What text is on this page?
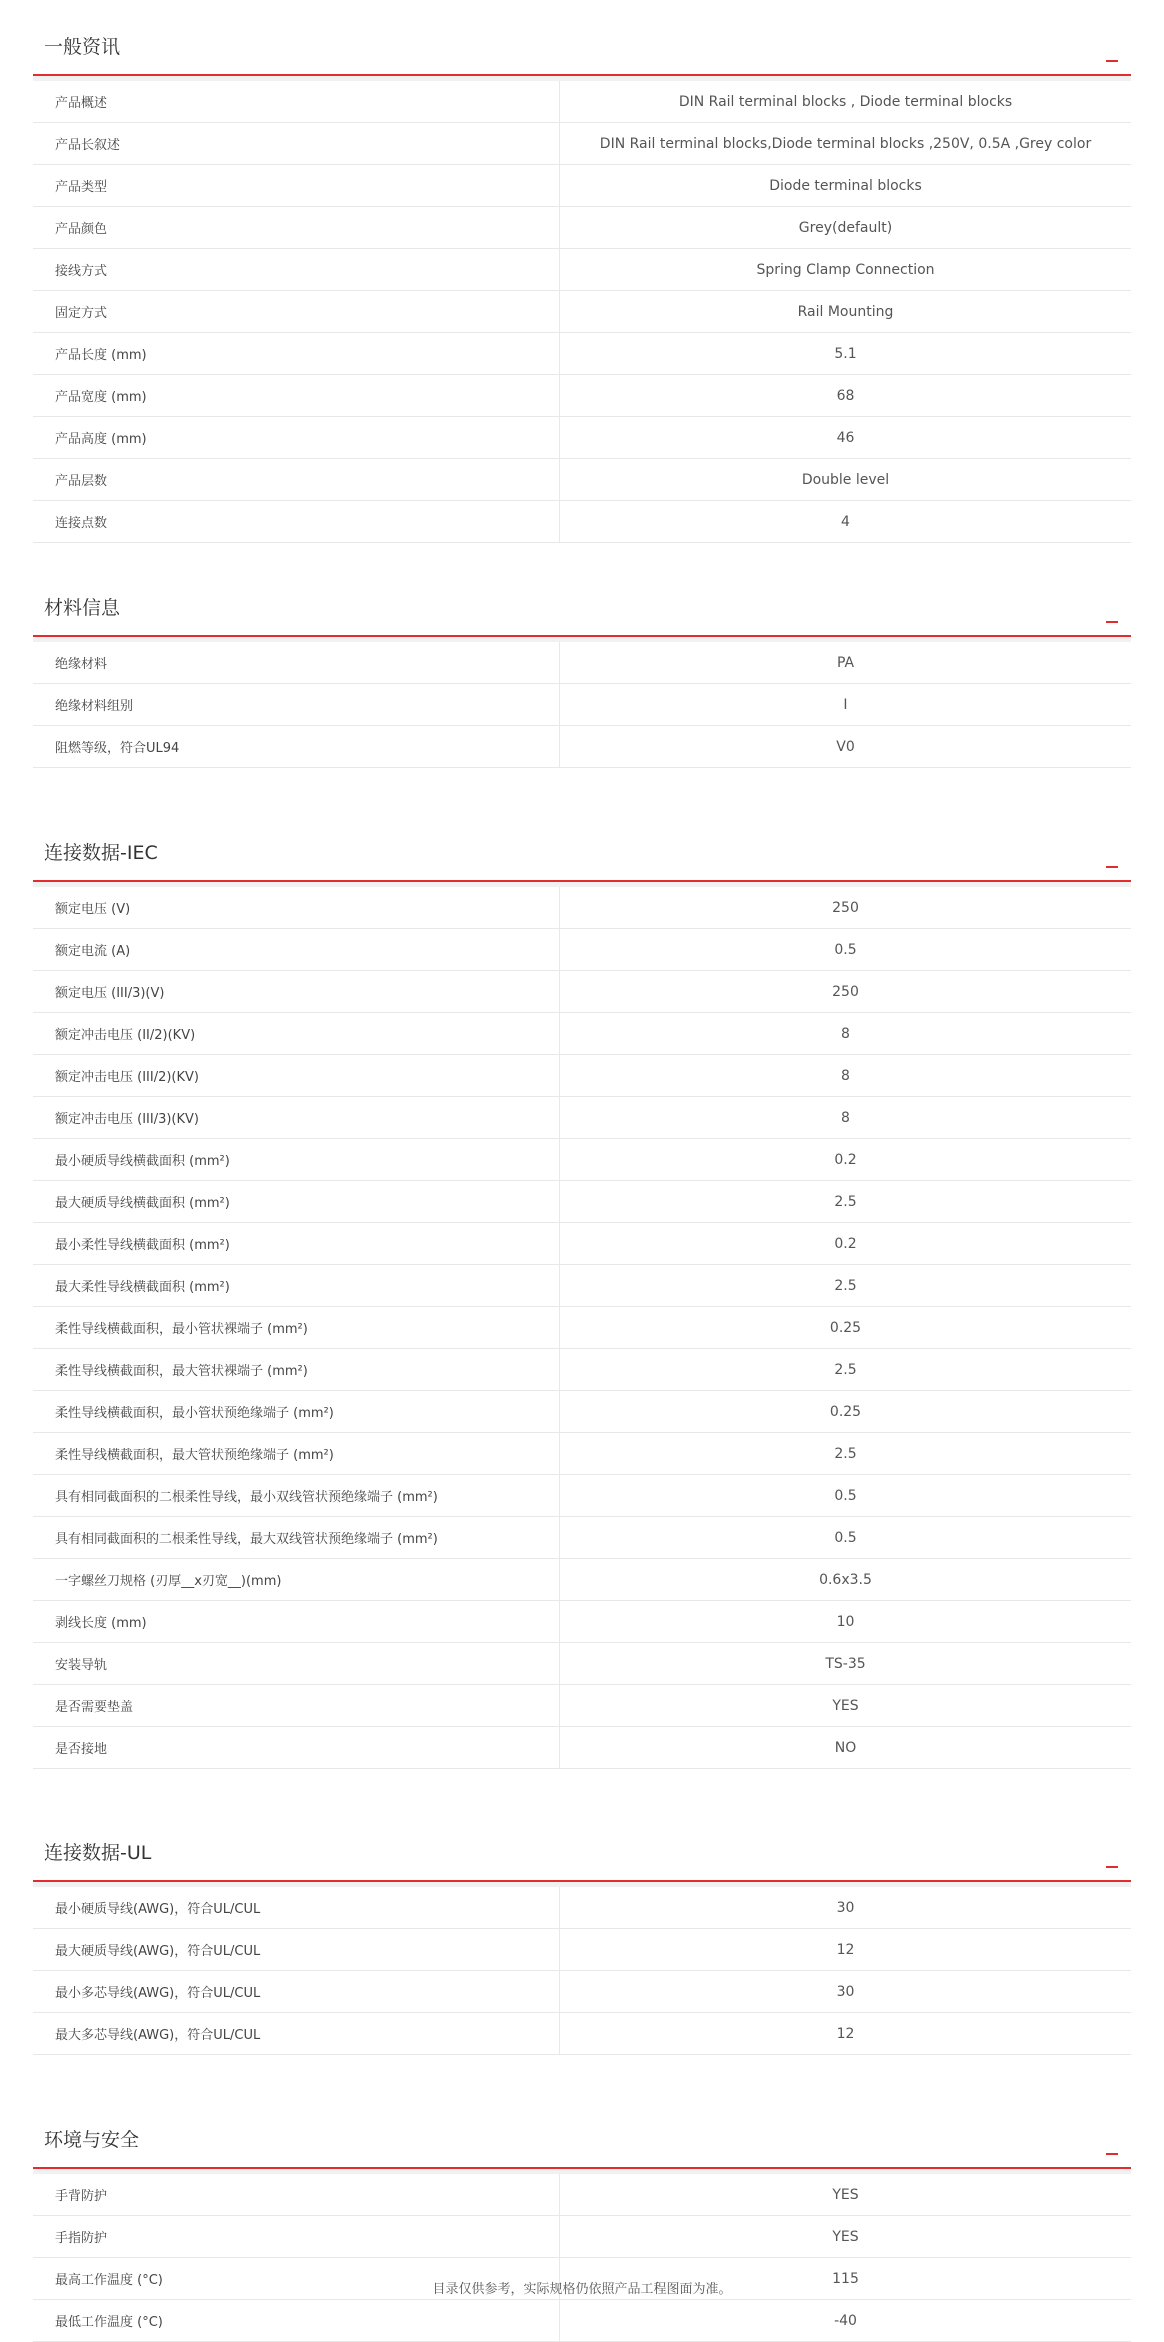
一般资讯
产品概述	DIN Rail terminal blocks , Diode terminal blocks
产品长叙述	DIN Rail terminal blocks,Diode terminal blocks ,250V, 0.5A ,Grey color
产品类型	Diode terminal blocks
产品颜色	Grey(default)
接线方式	Spring Clamp Connection
固定方式	Rail Mounting
产品长度 (mm)	5.1
产品宽度 (mm)	68
产品高度 (mm)	46
产品层数	Double level
连接点数	4
材料信息
绝缘材料	PA
绝缘材料组别	I
阻燃等级，符合UL94	V0
连接数据-IEC
额定电压 (V)	250
额定电流 (A)	0.5
额定电压 (III/3)(V)	250
额定冲击电压 (II/2)(KV)	8
额定冲击电压 (III/2)(KV)	8
额定冲击电压 (III/3)(KV)	8
最小硬质导线横截面积 (mm²)	0.2
最大硬质导线横截面积 (mm²)	2.5
最小柔性导线横截面积 (mm²)	0.2
最大柔性导线横截面积 (mm²)	2.5
柔性导线横截面积，最小管状裸端子 (mm²)	0.25
柔性导线横截面积，最大管状裸端子 (mm²)	2.5
柔性导线横截面积，最小管状预绝缘端子 (mm²)	0.25
柔性导线横截面积，最大管状预绝缘端子 (mm²)	2.5
具有相同截面积的二根柔性导线，最小双线管状预绝缘端子 (mm²)	0.5
具有相同截面积的二根柔性导线，最大双线管状预绝缘端子 (mm²)	0.5
一字螺丝刀规格 (刃厚__x刃宽__)(mm)	0.6x3.5
剥线长度 (mm)	10
安装导轨	TS-35
是否需要垫盖	YES
是否接地	NO
连接数据-UL
最小硬质导线(AWG)，符合UL/CUL	30
最大硬质导线(AWG)，符合UL/CUL	12
最小多芯导线(AWG)，符合UL/CUL	30
最大多芯导线(AWG)，符合UL/CUL	12
环境与安全
手背防护	YES
手指防护	YES
最高工作温度 (°C)	115
最低工作温度 (°C)	-40
目录仅供参考，实际规格仍依照产品工程图面为准。
